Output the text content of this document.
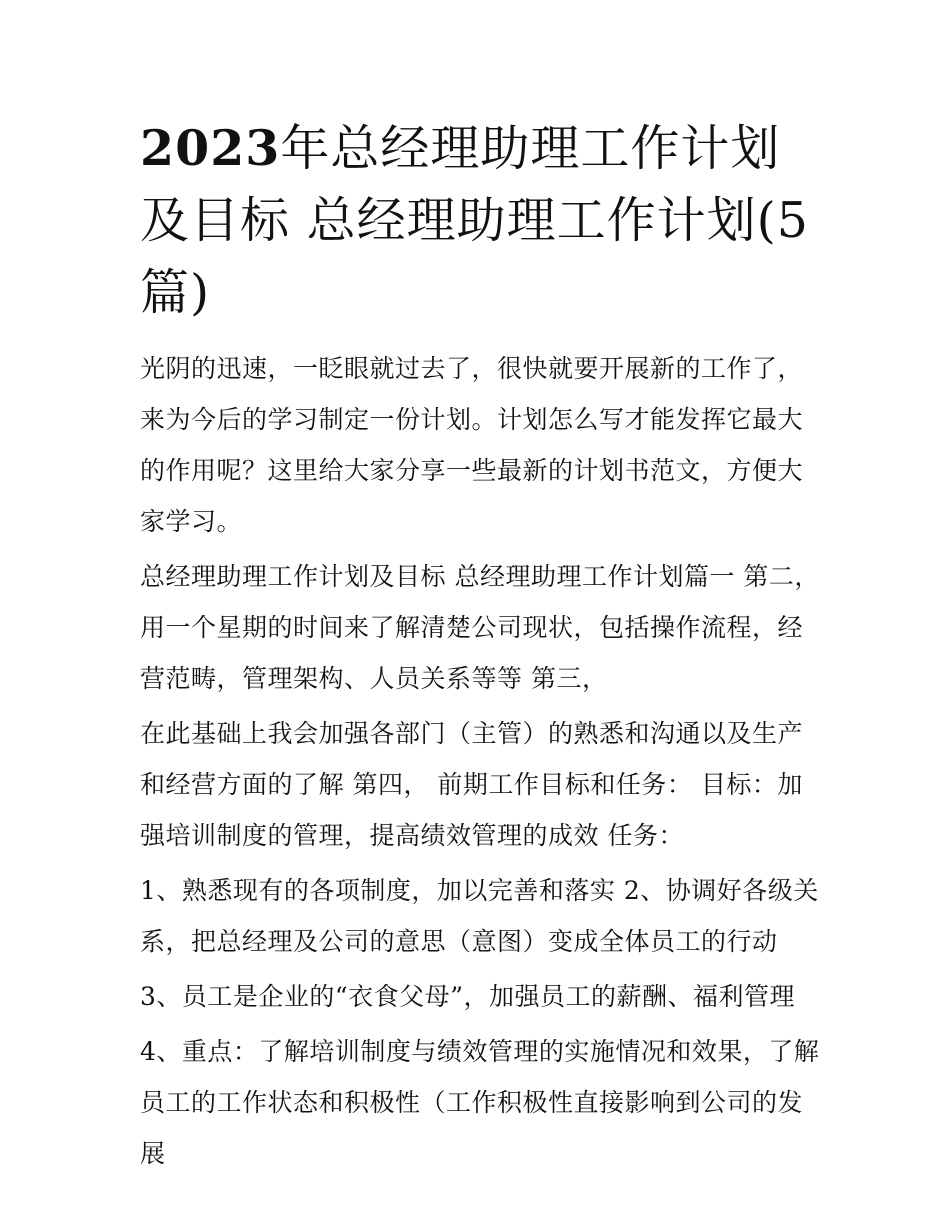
2023年总经理助理工作计划及目标 总经理助理工作计划(5篇)

光阴的迅速，一眨眼就过去了，很快就要开展新的工作了，来为今后的学习制定一份计划。计划怎么写才能发挥它最大的作用呢？这里给大家分享一些最新的计划书范文，方便大家学习。

总经理助理工作计划及目标 总经理助理工作计划篇一 第二，用一个星期的时间来了解清楚公司现状，包括操作流程，经营范畴，管理架构、人员关系等等 第三，

在此基础上我会加强各部门（主管）的熟悉和沟通以及生产和经营方面的了解 第四， 前期工作目标和任务： 目标：加强培训制度的管理，提高绩效管理的成效 任务：

1、熟悉现有的各项制度，加以完善和落实 2、协调好各级关系，把总经理及公司的意思（意图）变成全体员工的行动

3、员工是企业的“衣食父母”，加强员工的薪酬、福利管理

4、重点：了解培训制度与绩效管理的实施情况和效果，了解员工的工作状态和积极性（工作积极性直接影响到公司的发展
